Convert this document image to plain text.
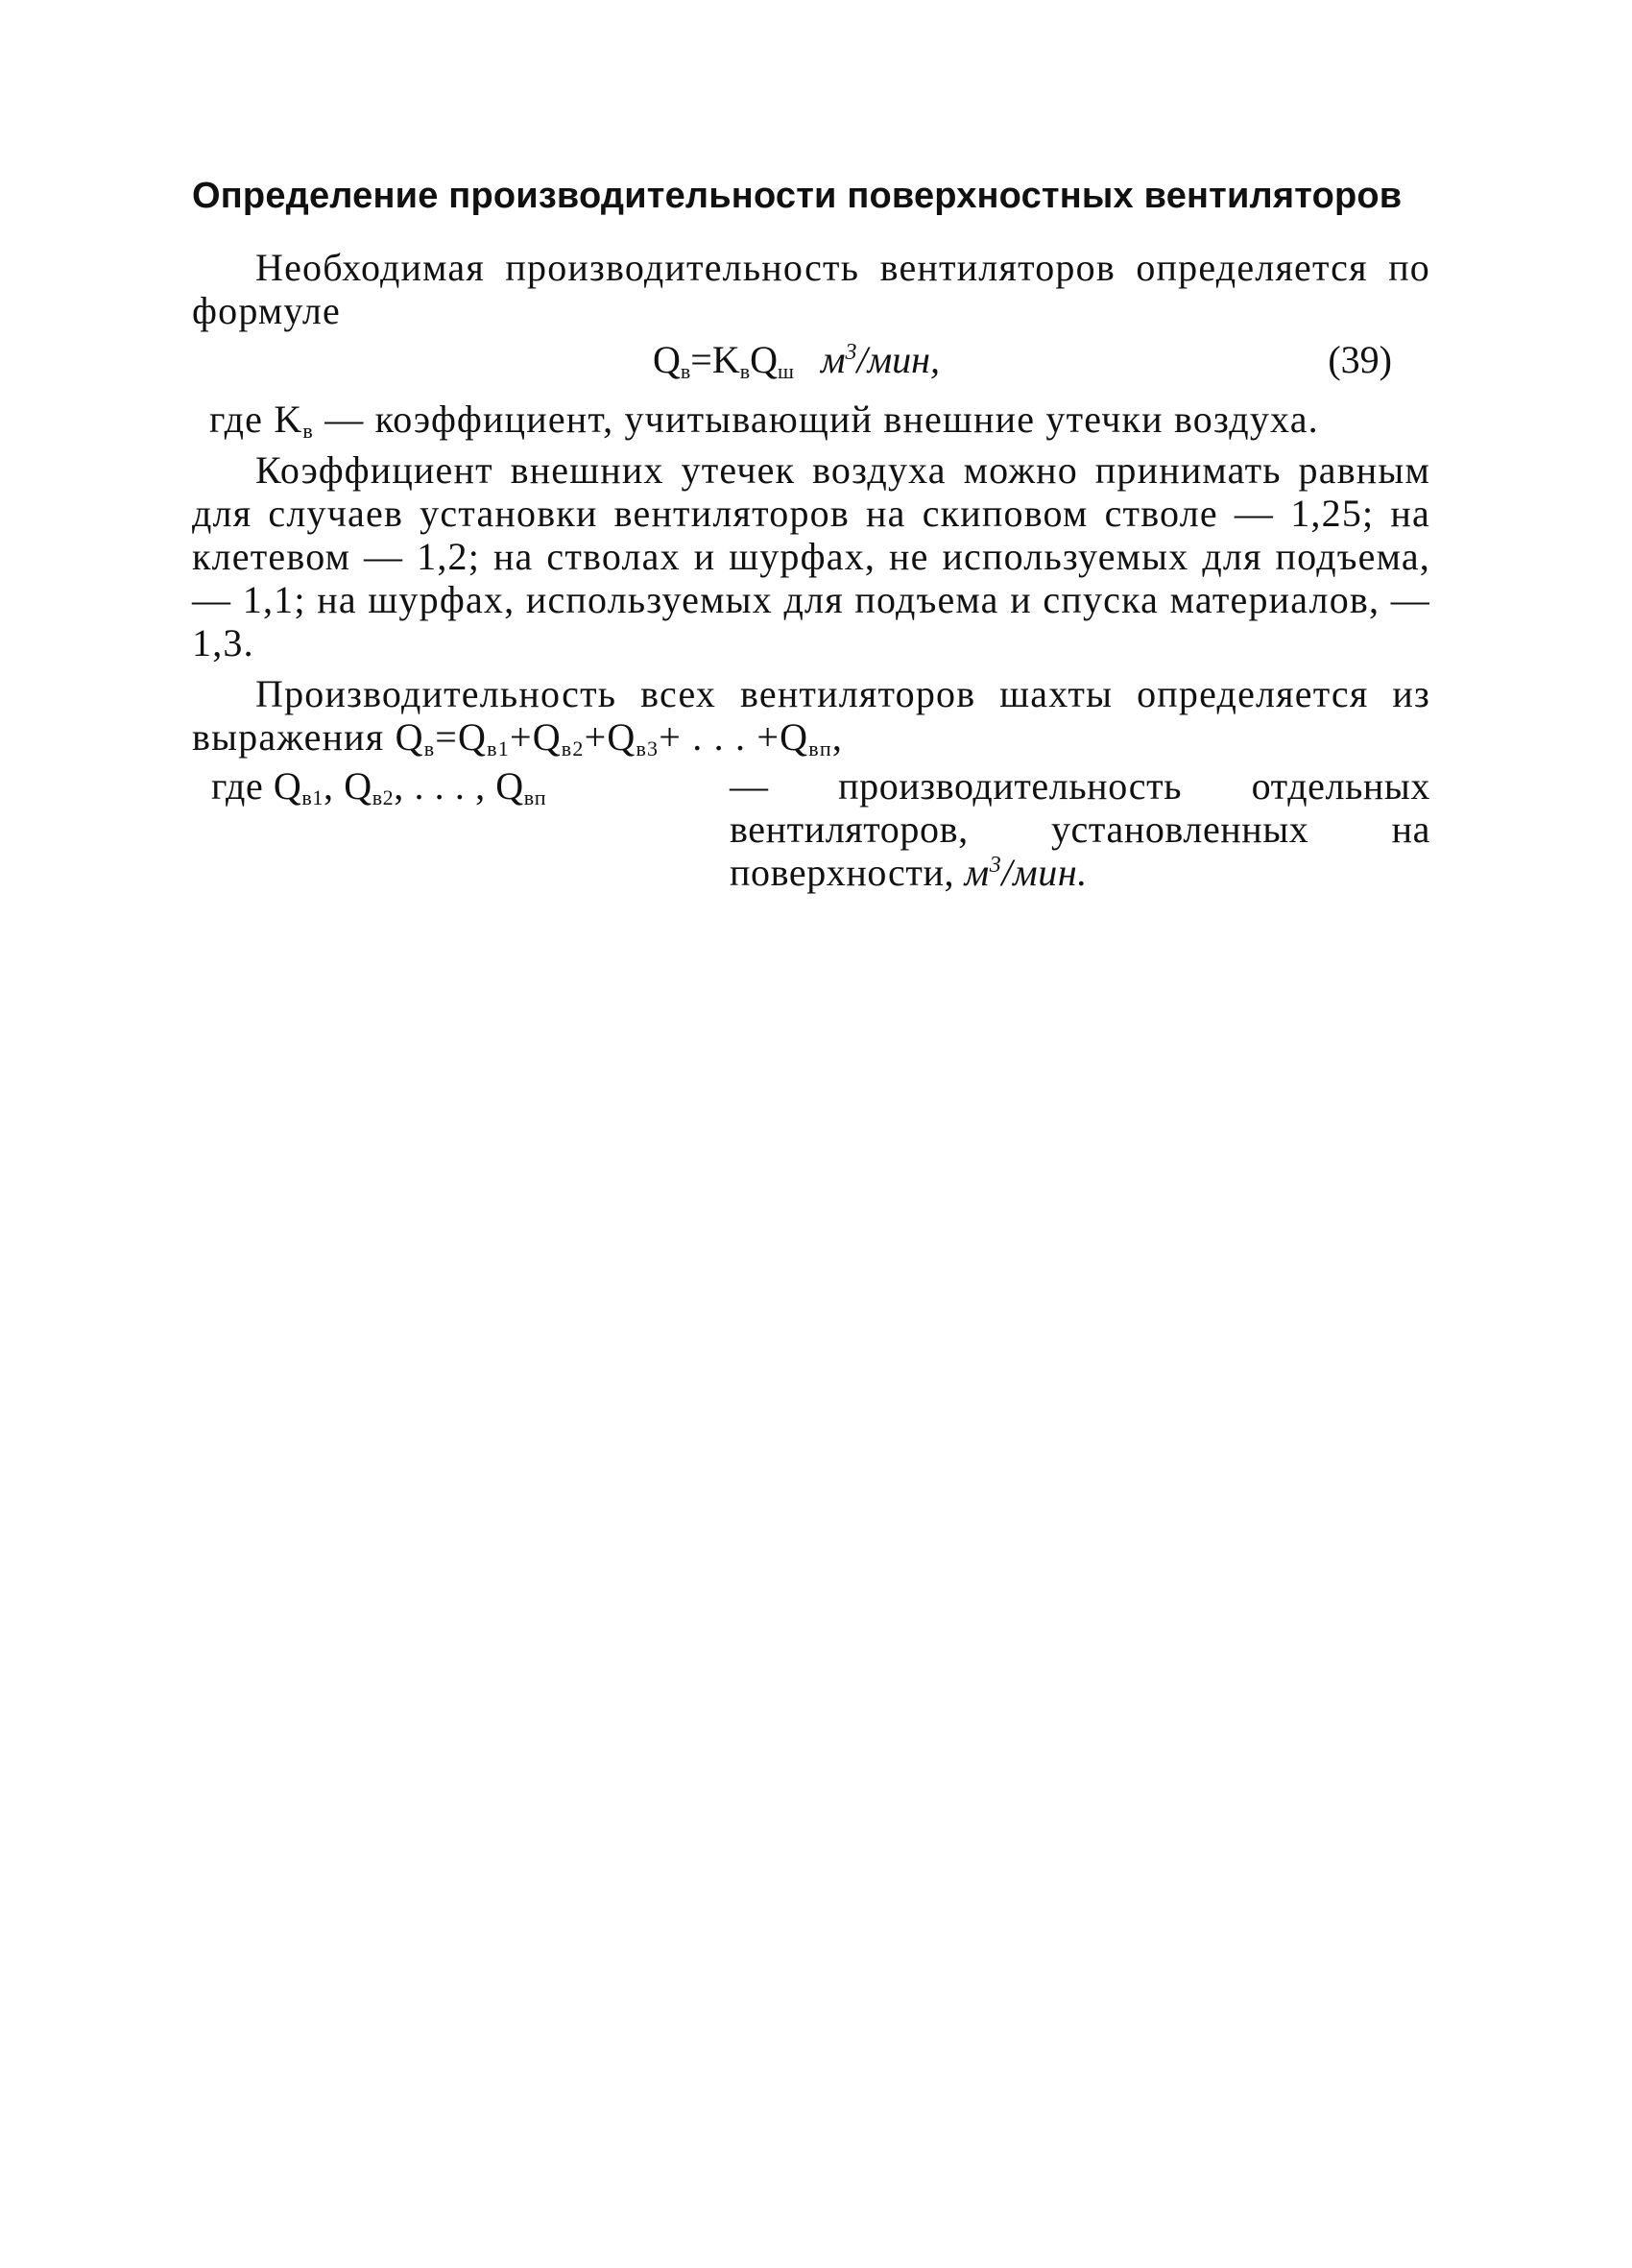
Определение производительности поверхностных вентиляторов

Необходимая производительность вентиляторов определяется по формуле

$Q_в=K_вQ_ш$ $м^3$/мин,	(39)

где $K_в$ — коэффициент, учитывающий внешние утечки воздуха.

Коэффициент внешних утечек воздуха можно принимать равным для случаев установки вентиляторов на скиповом стволе — 1,25; на клетевом — 1,2; на стволах и шурфах, не используемых для подъема, — 1,1; на шурфах, используемых для подъема и спуска материалов, — 1,3.

Производительность всех вентиляторов шахты определяется из выражения $Q_в=Q_{в1}+Q_{в2}+Q_{в3}+$ . . . $+Q_{вп}$,

где $Q_{в1}$, $Q_{в2}$, . . . , $Q_{вп}$	— производительность отдельных вентиляторов, установленных на поверхности, $м^3$/мин.
